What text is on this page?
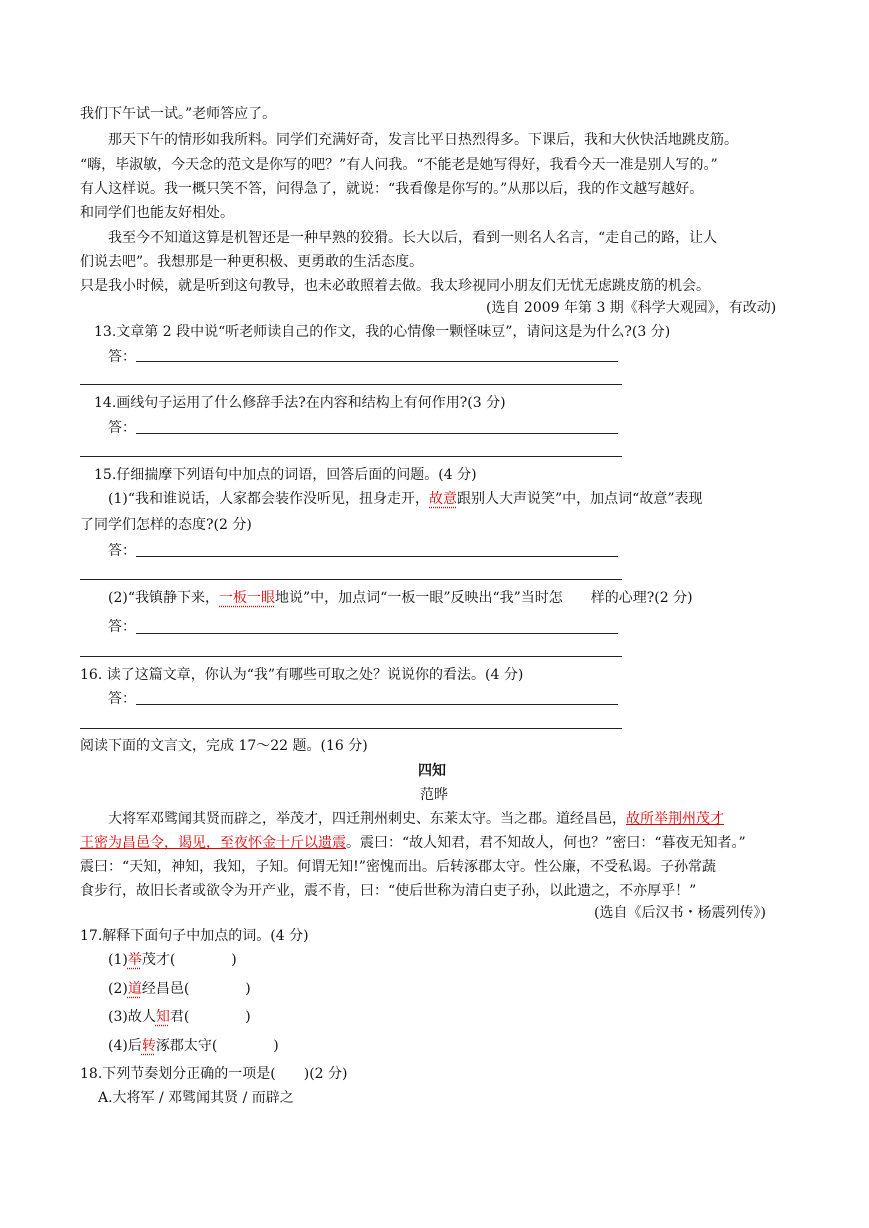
我们下午试一试。”老师答应了。
那天下午的情形如我所料。同学们充满好奇，发言比平日热烈得多。下课后，我和大伙快活地跳皮筋。
“嗨，毕淑敏，今天念的范文是你写的吧？”有人问我。“不能老是她写得好，我看今天一准是别人写的。”
有人这样说。我一概只笑不答，问得急了，就说：“我看像是你写的。”从那以后，我的作文越写越好。
和同学们也能友好相处。
我至今不知道这算是机智还是一种早熟的狡猾。长大以后，看到一则名人名言，“走自己的路，让人
们说去吧”。我想那是一种更积极、更勇敢的生活态度。
只是我小时候，就是听到这句教导，也未必敢照着去做。我太珍视同小朋友们无忧无虑跳皮筋的机会。
(选自 2009 年第 3 期《科学大观园》，有改动)
13.文章第 2 段中说“听老师读自己的作文，我的心情像一颗怪味豆”，请问这是为什么?(3 分)
答：
14.画线句子运用了什么修辞手法?在内容和结构上有何作用?(3 分)
答：
15.仔细揣摩下列语句中加点的词语，回答后面的问题。(4 分)
(1)“我和谁说话，人家都会装作没听见，扭身走开，故意跟别人大声说笑”中，加点词“故意”表现
了同学们怎样的态度?(2 分)
答：
(2)“我镇静下来，一板一眼地说”中，加点词“一板一眼”反映出“我”当时怎 样的心理?(2 分)
答：
16. 读了这篇文章，你认为“我”有哪些可取之处？说说你的看法。(4 分)
答：
阅读下面的文言文，完成 17～22 题。(16 分)
四知
范晔
大将军邓骘闻其贤而辟之，举茂才，四迁荆州刺史、东莱太守。当之郡。道经昌邑，故所举荆州茂才
王密为昌邑令，谒见，至夜怀金十斤以遗震。震曰：“故人知君，君不知故人，何也？”密曰：“暮夜无知者。”
震曰：“天知，神知，我知，子知。何谓无知!”密愧而出。后转涿郡太守。性公廉，不受私谒。子孙常蔬
食步行，故旧长者或欲令为开产业，震不肯，曰：“使后世称为清白吏子孙，以此遗之，不亦厚乎！”
(选自《后汉书・杨震列传》)
17.解释下面句子中加点的词。(4 分)
(1)举茂才(　　　　)
(2)道经昌邑(　　　　)
(3)故人知君(　　　　)
(4)后转涿郡太守(　　　　)
18.下列节奏划分正确的一项是(　　)(2 分)
A.大将军 / 邓骘闻其贤 / 而辟之
